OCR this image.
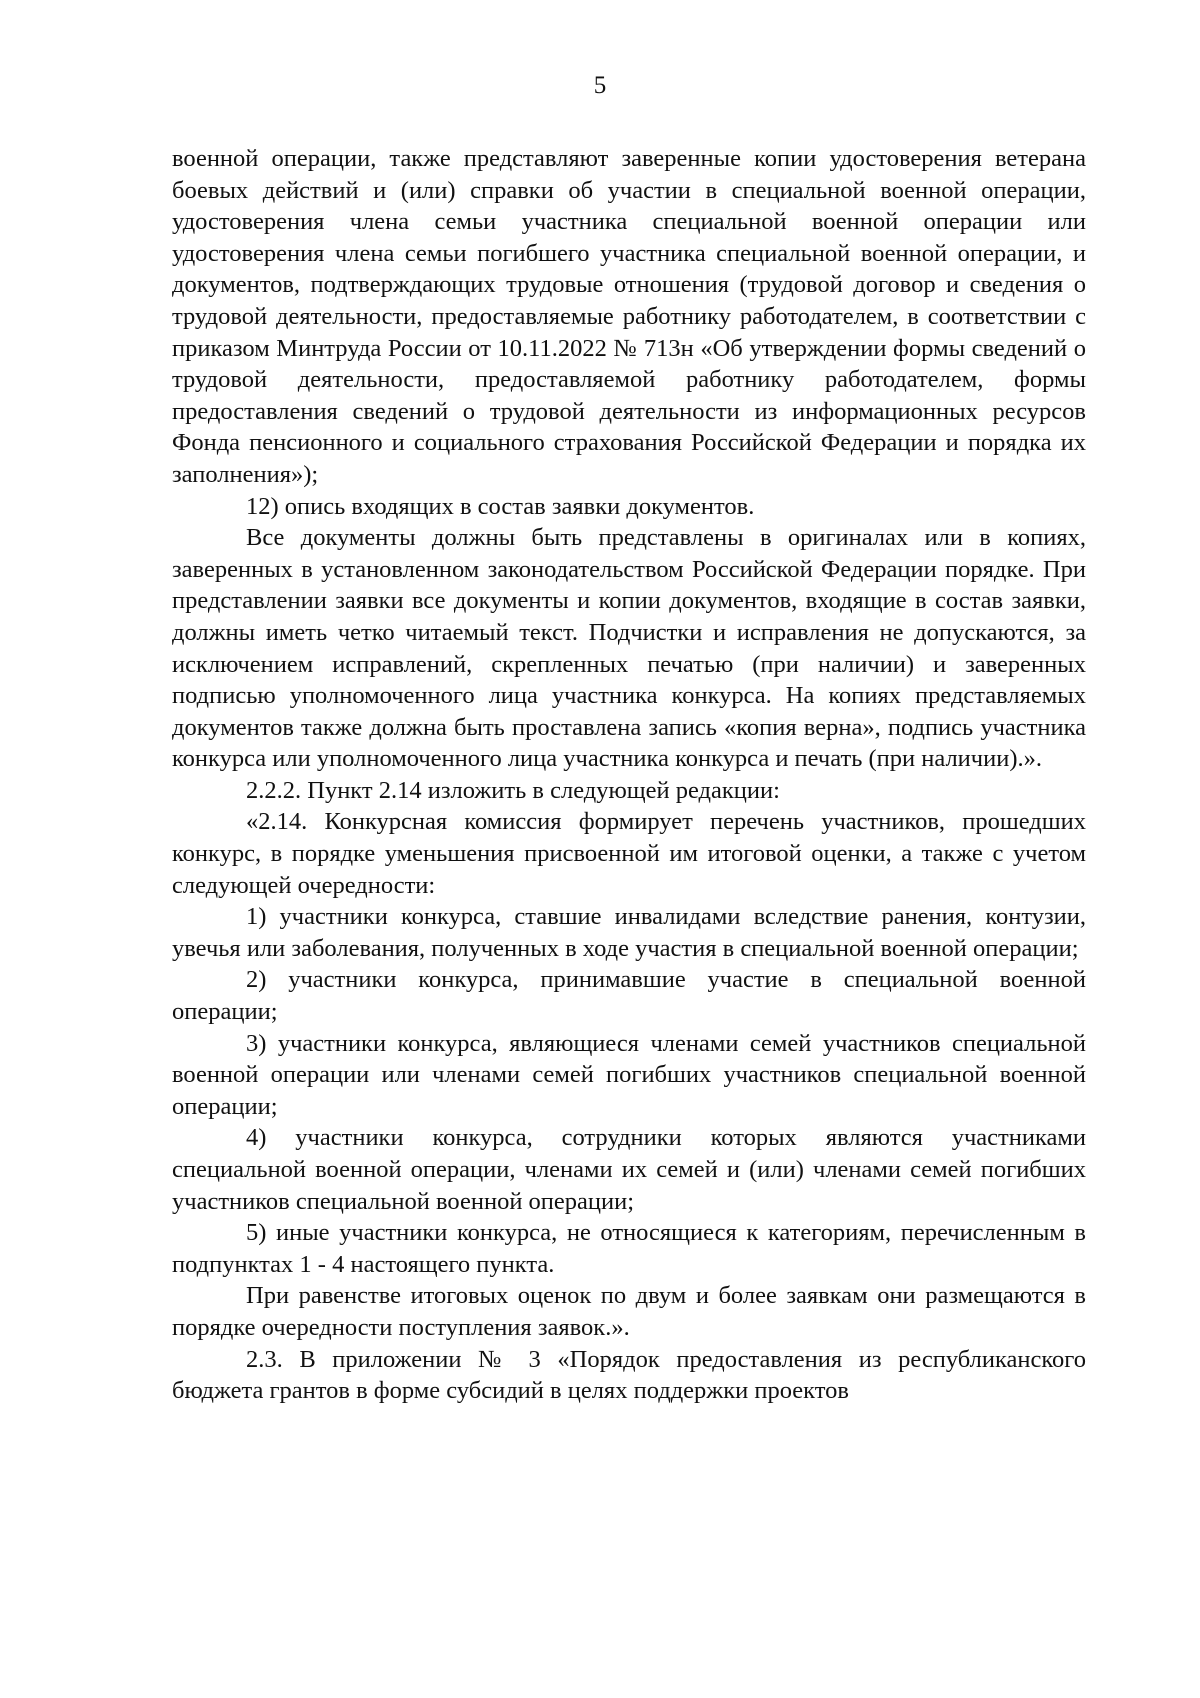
5

военной операции, также представляют заверенные копии удостоверения ветерана боевых действий и (или) справки об участии в специальной военной операции, удостоверения члена семьи участника специальной военной операции или удостоверения члена семьи погибшего участника специальной военной операции, и документов, подтверждающих трудовые отношения (трудовой договор и сведения о трудовой деятельности, предоставляемые работнику работодателем, в соответствии с приказом Минтруда России от 10.11.2022 № 713н «Об утверждении формы сведений о трудовой деятельности, предоставляемой работнику работодателем, формы предоставления сведений о трудовой деятельности из информационных ресурсов Фонда пенсионного и социального страхования Российской Федерации и порядка их заполнения»);

12) опись входящих в состав заявки документов.

Все документы должны быть представлены в оригиналах или в копиях, заверенных в установленном законодательством Российской Федерации порядке. При представлении заявки все документы и копии документов, входящие в состав заявки, должны иметь четко читаемый текст. Подчистки и исправления не допускаются, за исключением исправлений, скрепленных печатью (при наличии) и заверенных подписью уполномоченного лица участника конкурса. На копиях представляемых документов также должна быть проставлена запись «копия верна», подпись участника конкурса или уполномоченного лица участника конкурса и печать (при наличии).».

2.2.2. Пункт 2.14 изложить в следующей редакции:

«2.14. Конкурсная комиссия формирует перечень участников, прошедших конкурс, в порядке уменьшения присвоенной им итоговой оценки, а также с учетом следующей очередности:

1) участники конкурса, ставшие инвалидами вследствие ранения, контузии, увечья или заболевания, полученных в ходе участия в специальной военной операции;

2) участники конкурса, принимавшие участие в специальной военной операции;

3) участники конкурса, являющиеся членами семей участников специальной военной операции или членами семей погибших участников специальной военной операции;

4) участники конкурса, сотрудники которых являются участниками специальной военной операции, членами их семей и (или) членами семей погибших участников специальной военной операции;

5) иные участники конкурса, не относящиеся к категориям, перечисленным в подпунктах 1 - 4 настоящего пункта.

При равенстве итоговых оценок по двум и более заявкам они размещаются в порядке очередности поступления заявок.».

2.3. В приложении № 3 «Порядок предоставления из республиканского бюджета грантов в форме субсидий в целях поддержки проектов
